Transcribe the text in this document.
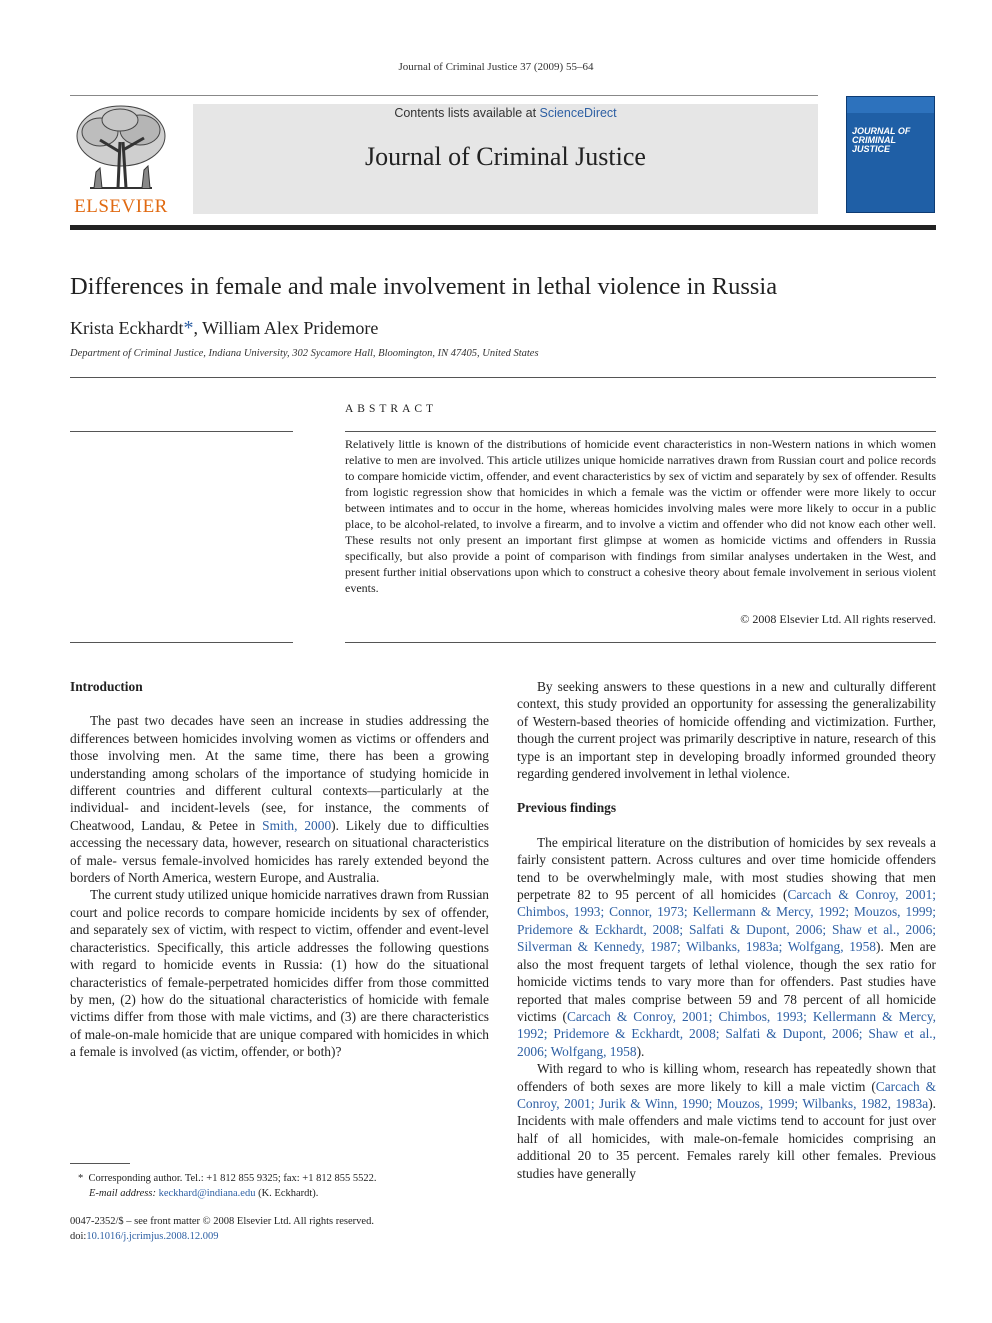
Journal of Criminal Justice 37 (2009) 55–64
ELSEVIER
Contents lists available at ScienceDirect
Journal of Criminal Justice
JOURNAL OF CRIMINAL JUSTICE
Differences in female and male involvement in lethal violence in Russia
Krista Eckhardt*, William Alex Pridemore
Department of Criminal Justice, Indiana University, 302 Sycamore Hall, Bloomington, IN 47405, United States
ABSTRACT
Relatively little is known of the distributions of homicide event characteristics in non-Western nations in which women relative to men are involved. This article utilizes unique homicide narratives drawn from Russian court and police records to compare homicide victim, offender, and event characteristics by sex of victim and separately by sex of offender. Results from logistic regression show that homicides in which a female was the victim or offender were more likely to occur between intimates and to occur in the home, whereas homicides involving males were more likely to occur in a public place, to be alcohol-related, to involve a firearm, and to involve a victim and offender who did not know each other well. These results not only present an important first glimpse at women as homicide victims and offenders in Russia specifically, but also provide a point of comparison with findings from similar analyses undertaken in the West, and present further initial observations upon which to construct a cohesive theory about female involvement in serious violent events.
© 2008 Elsevier Ltd. All rights reserved.
Introduction

The past two decades have seen an increase in studies addressing the differences between homicides involving women as victims or offenders and those involving men. At the same time, there has been a growing understanding among scholars of the importance of studying homicide in different countries and different cultural contexts—particularly at the individual- and incident-levels (see, for instance, the comments of Cheatwood, Landau, & Petee in Smith, 2000). Likely due to difficulties accessing the necessary data, however, research on situational characteristics of male- versus female-involved homicides has rarely extended beyond the borders of North America, western Europe, and Australia.

The current study utilized unique homicide narratives drawn from Russian court and police records to compare homicide incidents by sex of offender, and separately sex of victim, with respect to victim, offender and event-level characteristics. Specifically, this article addresses the following questions with regard to homicide events in Russia: (1) how do the situational characteristics of female-perpetrated homicides differ from those committed by men, (2) how do the situational characteristics of homicide with female victims differ from those with male victims, and (3) are there characteristics of male-on-male homicide that are unique compared with homicides in which a female is involved (as victim, offender, or both)?

By seeking answers to these questions in a new and culturally different context, this study provided an opportunity for assessing the generalizability of Western-based theories of homicide offending and victimization. Further, though the current project was primarily descriptive in nature, research of this type is an important step in developing broadly informed grounded theory regarding gendered involvement in lethal violence.

Previous findings

The empirical literature on the distribution of homicides by sex reveals a fairly consistent pattern. Across cultures and over time homicide offenders tend to be overwhelmingly male, with most studies showing that men perpetrate 82 to 95 percent of all homicides (Carcach & Conroy, 2001; Chimbos, 1993; Connor, 1973; Kellermann & Mercy, 1992; Mouzos, 1999; Pridemore & Eckhardt, 2008; Salfati & Dupont, 2006; Shaw et al., 2006; Silverman & Kennedy, 1987; Wilbanks, 1983a; Wolfgang, 1958). Men are also the most frequent targets of lethal violence, though the sex ratio for homicide victims tends to vary more than for offenders. Past studies have reported that males comprise between 59 and 78 percent of all homicide victims (Carcach & Conroy, 2001; Chimbos, 1993; Kellermann & Mercy, 1992; Pridemore & Eckhardt, 2008; Salfati & Dupont, 2006; Shaw et al., 2006; Wolfgang, 1958).

With regard to who is killing whom, research has repeatedly shown that offenders of both sexes are more likely to kill a male victim (Carcach & Conroy, 2001; Jurik & Winn, 1990; Mouzos, 1999; Wilbanks, 1982, 1983a). Incidents with male offenders and male victims tend to account for just over half of all homicides, with male-on-female homicides comprising an additional 20 to 35 percent. Females rarely kill other females. Previous studies have generally

* Corresponding author. Tel.: +1 812 855 9325; fax: +1 812 855 5522.
E-mail address: keckhard@indiana.edu (K. Eckhardt).
0047-2352/$ – see front matter © 2008 Elsevier Ltd. All rights reserved.
doi:10.1016/j.jcrimjus.2008.12.009
